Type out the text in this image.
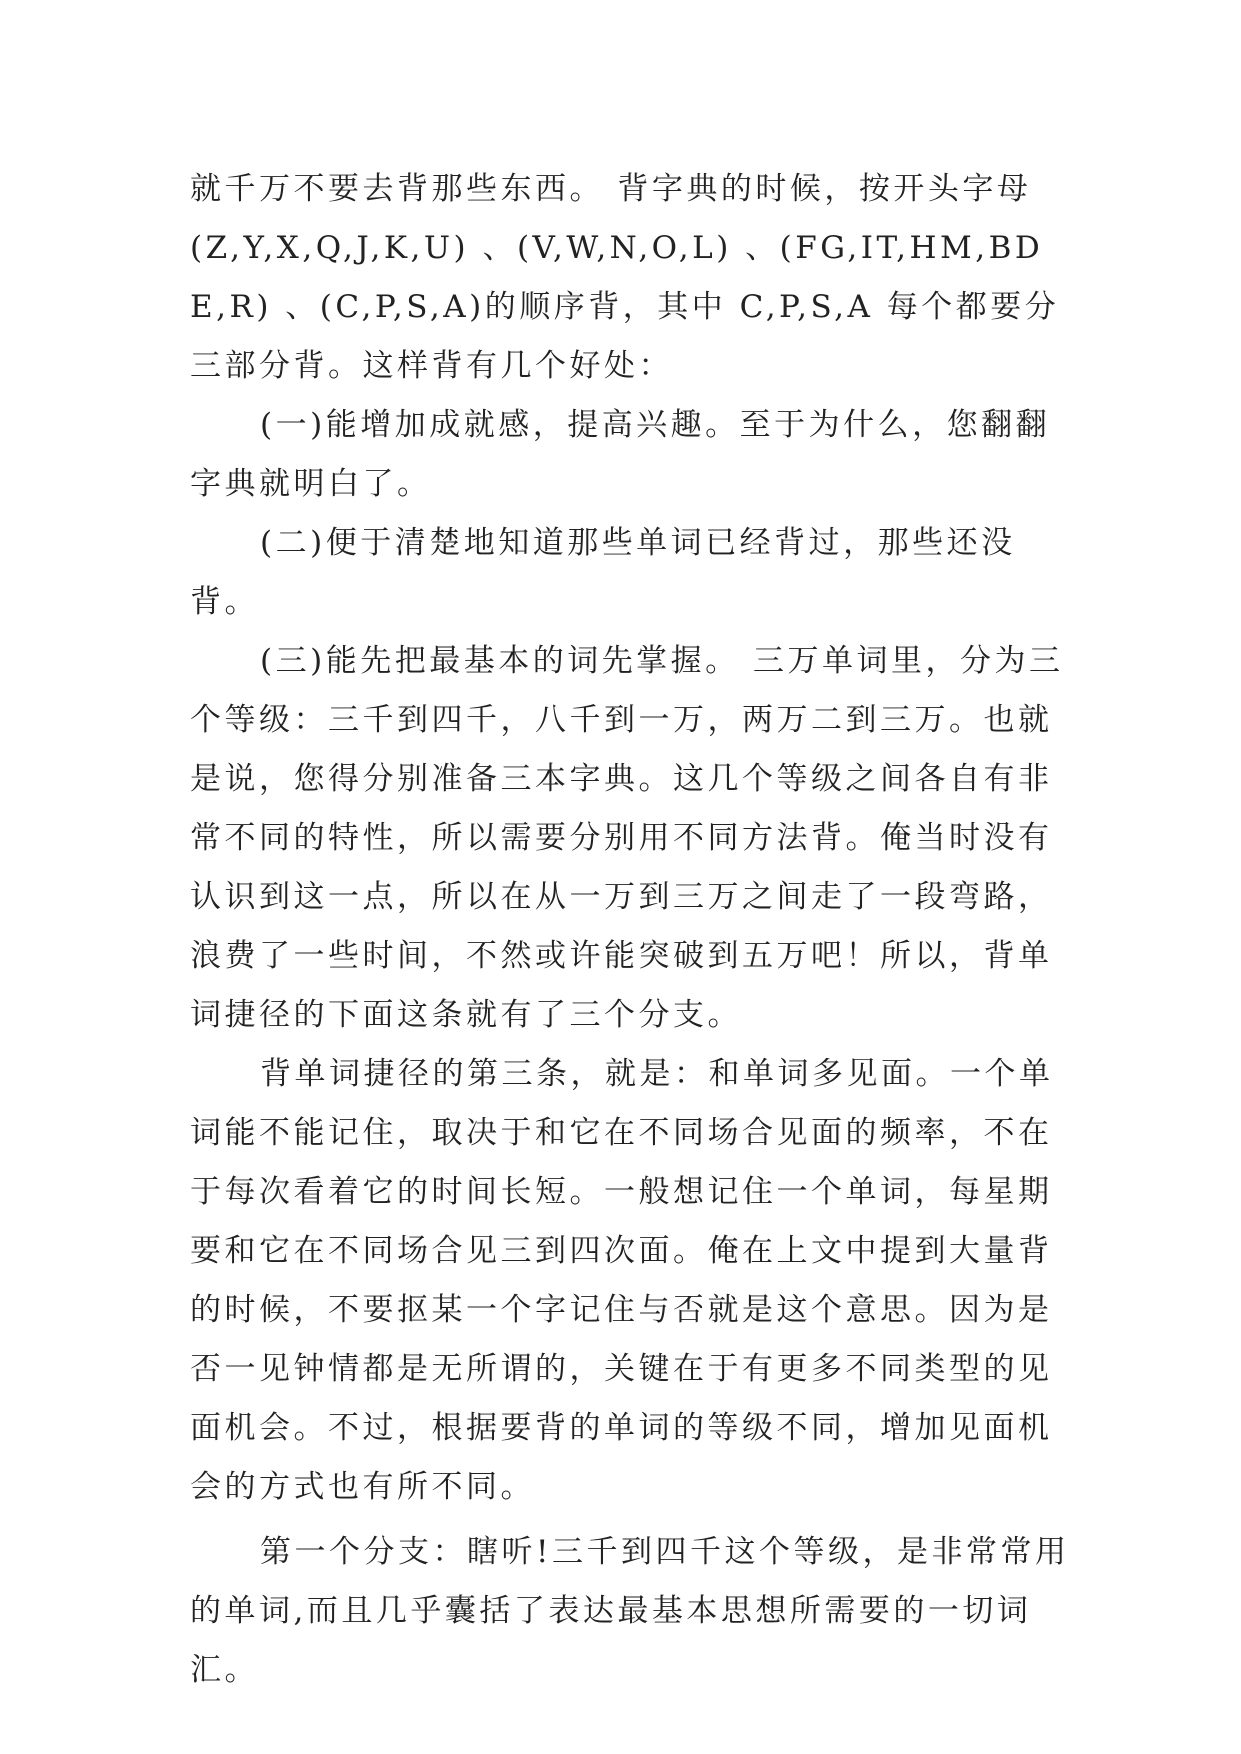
就千万不要去背那些东西。 背字典的时候，按开头字母(Z,Y,X,Q,J,K,U) 、(V,W,N,O,L) 、(FG,IT,HM,BDE,R) 、(C,P,S,A)的顺序背，其中 C,P,S,A 每个都要分三部分背。这样背有几个好处：

(一)能增加成就感，提高兴趣。至于为什么，您翻翻字典就明白了。

(二)便于清楚地知道那些单词已经背过，那些还没背。

(三)能先把最基本的词先掌握。 三万单词里，分为三个等级：三千到四千，八千到一万，两万二到三万。也就是说，您得分别准备三本字典。这几个等级之间各自有非常不同的特性，所以需要分别用不同方法背。俺当时没有认识到这一点，所以在从一万到三万之间走了一段弯路，浪费了一些时间，不然或许能突破到五万吧！所以，背单词捷径的下面这条就有了三个分支。

背单词捷径的第三条，就是：和单词多见面。一个单词能不能记住，取决于和它在不同场合见面的频率，不在于每次看着它的时间长短。一般想记住一个单词，每星期要和它在不同场合见三到四次面。俺在上文中提到大量背的时候，不要抠某一个字记住与否就是这个意思。因为是否一见钟情都是无所谓的，关键在于有更多不同类型的见面机会。不过，根据要背的单词的等级不同，增加见面机会的方式也有所不同。

第一个分支：瞎听!三千到四千这个等级，是非常常用的单词,而且几乎囊括了表达最基本思想所需要的一切词汇。
